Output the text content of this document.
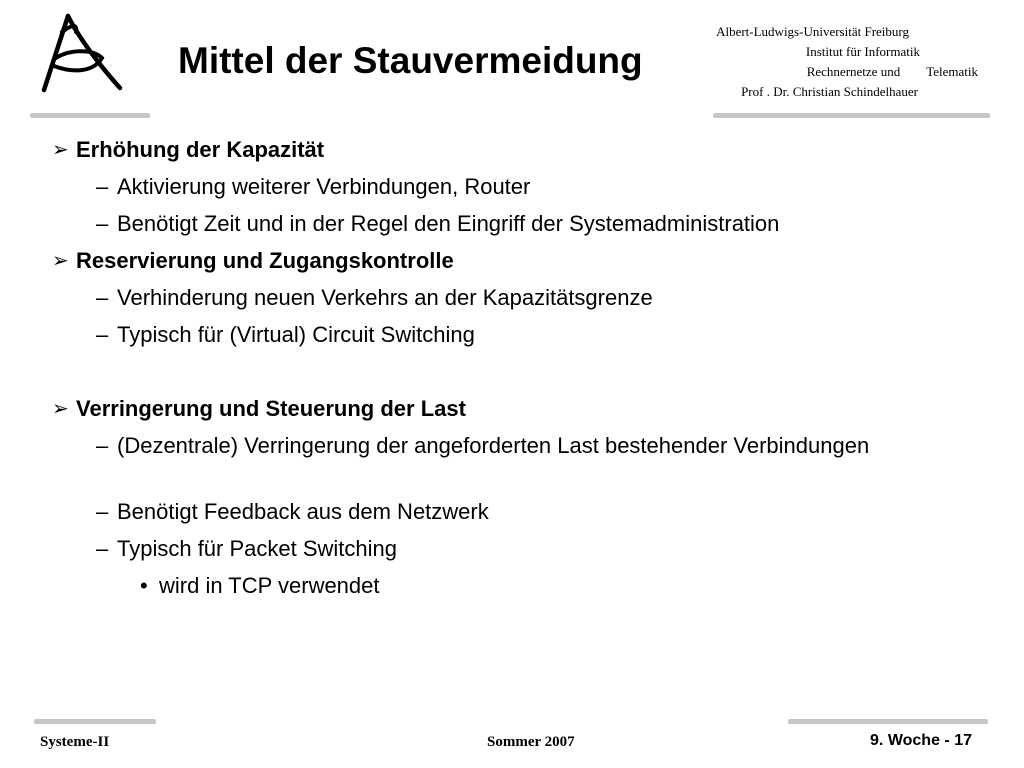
Mittel der Stauvermeidung
Albert-Ludwigs-Universität Freiburg
Institut für Informatik
Rechnernetze und Telematik
Prof . Dr. Christian Schindelhauer
➢ Erhöhung der Kapazität
– Aktivierung weiterer Verbindungen, Router
– Benötigt Zeit und in der Regel den Eingriff der Systemadministration
➢ Reservierung und Zugangskontrolle
– Verhinderung neuen Verkehrs an der Kapazitätsgrenze
– Typisch für (Virtual) Circuit Switching
➢ Verringerung und Steuerung der Last
– (Dezentrale) Verringerung der angeforderten Last bestehender Verbindungen
– Benötigt Feedback aus dem Netzwerk
– Typisch für Packet Switching
• wird in TCP verwendet
Systeme-II	Sommer 2007	9. Woche - 17
